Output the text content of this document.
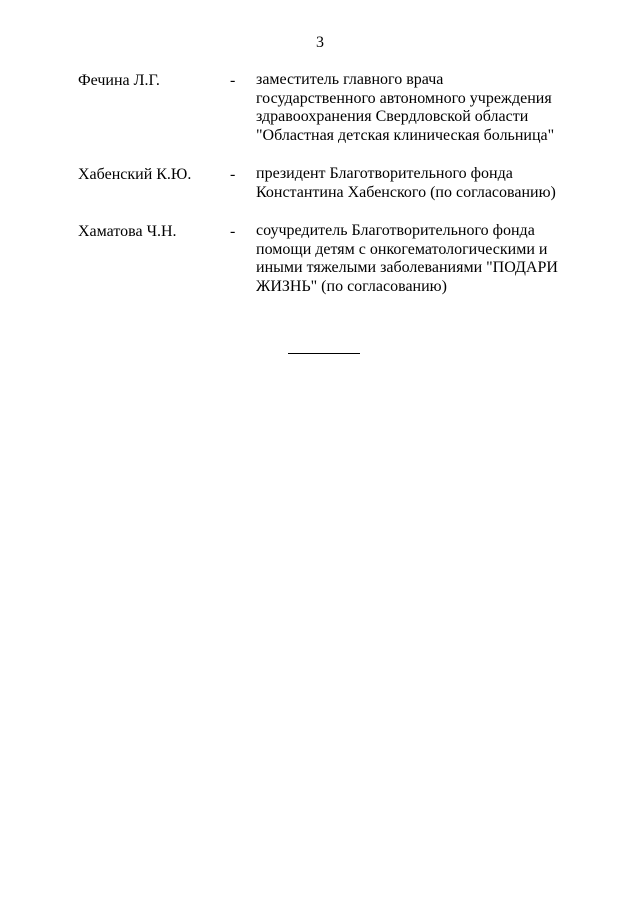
3
Фечина Л.Г.	- заместитель главного врача
государственного автономного учреждения
здравоохранения Свердловской области
"Областная детская клиническая больница"
Хабенский К.Ю.	- президент Благотворительного фонда
Константина Хабенского (по согласованию)
Хаматова Ч.Н.	- соучредитель Благотворительного фонда
помощи детям с онкогематологическими и
иными тяжелыми заболеваниями "ПОДАРИ
ЖИЗНЬ" (по согласованию)
